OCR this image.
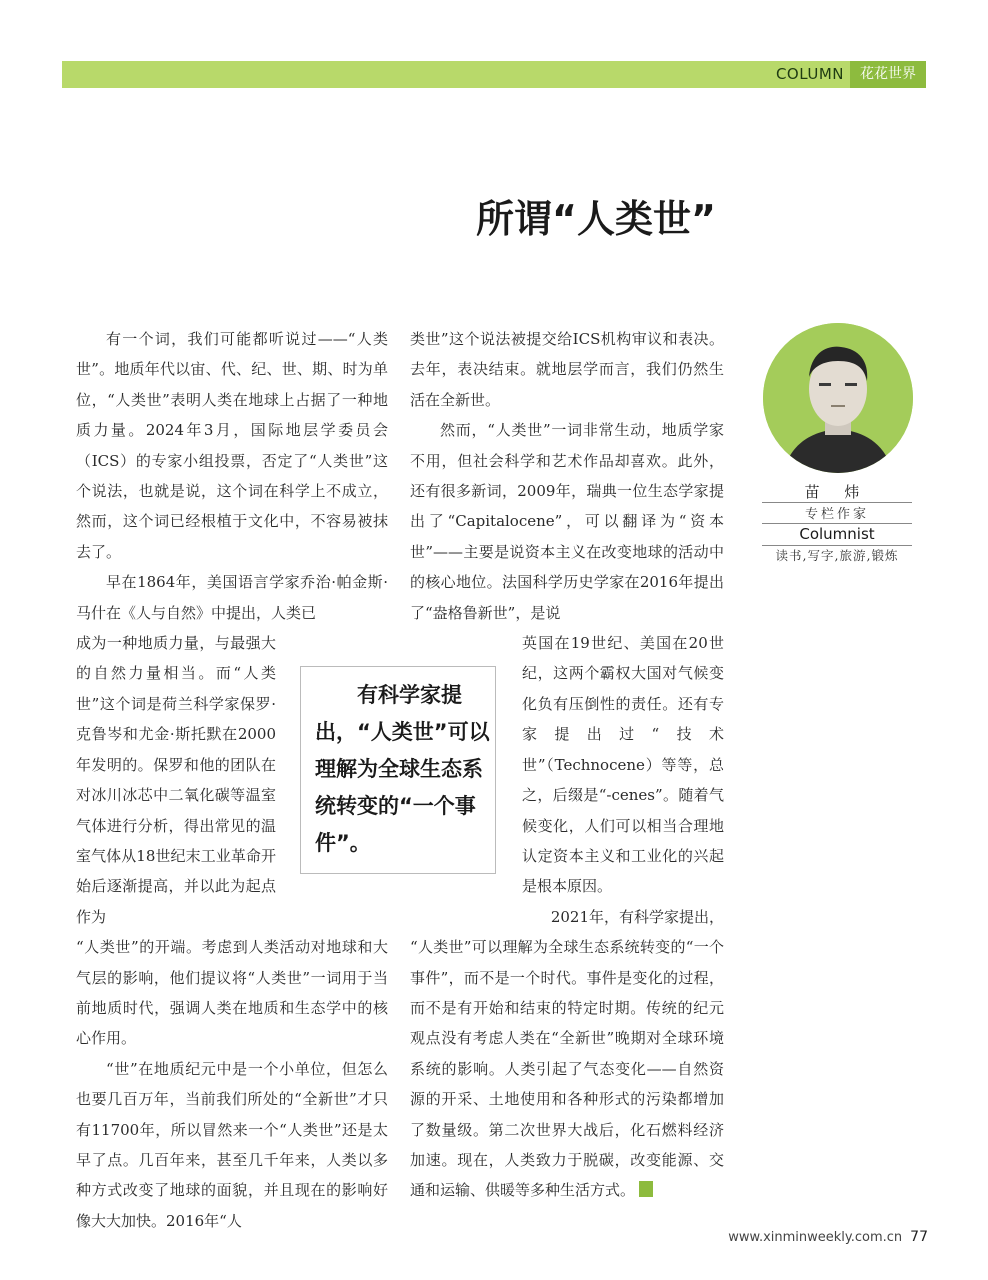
COLUMN	花花世界
所谓“人类世”

有一个词，我们可能都听说过——“人类世”。地质年代以宙、代、纪、世、期、时为单位，“人类世”表明人类在地球上占据了一种地质力量。2024年3月，国际地层学委员会（ICS）的专家小组投票，否定了“人类世”这个说法，也就是说，这个词在科学上不成立，然而，这个词已经根植于文化中，不容易被抹去了。

早在1864年，美国语言学家乔治·帕金斯·马什在《人与自然》中提出，人类已

成为一种地质力量，与最强大的自然力量相当。而“人类世”这个词是荷兰科学家保罗·克鲁岑和尤金·斯托默在2000年发明的。保罗和他的团队在对冰川冰芯中二氧化碳等温室气体进行分析，得出常见的温室气体从18世纪末工业革命开始后逐渐提高，并以此为起点作为

“人类世”的开端。考虑到人类活动对地球和大气层的影响，他们提议将“人类世”一词用于当前地质时代，强调人类在地质和生态学中的核心作用。

“世”在地质纪元中是一个小单位，但怎么也要几百万年，当前我们所处的“全新世”才只有11700年，所以冒然来一个“人类世”还是太早了点。几百年来，甚至几千年来，人类以多种方式改变了地球的面貌，并且现在的影响好像大大加快。2016年“人

类世”这个说法被提交给ICS机构审议和表决。去年，表决结束。就地层学而言，我们仍然生活在全新世。

然而，“人类世”一词非常生动，地质学家不用，但社会科学和艺术作品却喜欢。此外，还有很多新词，2009年，瑞典一位生态学家提出了“Capitalocene”，可以翻译为“资本世”——主要是说资本主义在改变地球的活动中的核心地位。法国科学历史学家在2016年提出了“盎格鲁新世”，是说

英国在19世纪、美国在20世纪，这两个霸权大国对气候变化负有压倒性的责任。还有专家提出过“技术世”（Technocene）等等，总之，后缀是“-cenes”。随着气候变化，人们可以相当合理地认定资本主义和工业化的兴起是根本原因。

2021年，有科学家提出，

“人类世”可以理解为全球生态系统转变的“一个事件”，而不是一个时代。事件是变化的过程，而不是有开始和结束的特定时期。传统的纪元观点没有考虑人类在“全新世”晚期对全球环境系统的影响。人类引起了气态变化——自然资源的开采、土地使用和各种形式的污染都增加了数量级。第二次世界大战后，化石燃料经济加速。现在，人类致力于脱碳，改变能源、交通和运输、供暖等多种生活方式。

有科学家提出，“人类世”可以理解为全球生态系统转变的“一个事件”。
苗 炜
专栏作家
Columnist
读书,写字,旅游,锻炼
www.xinminweekly.com.cn 77
